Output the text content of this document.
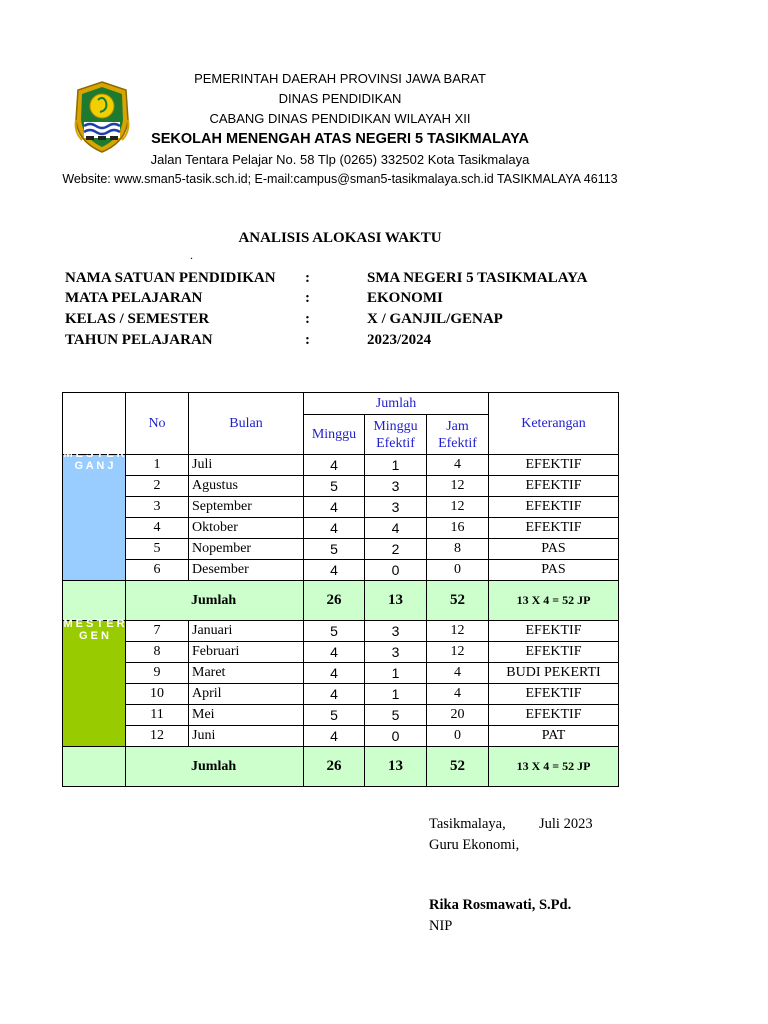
PEMERINTAH DAERAH PROVINSI JAWA BARAT
DINAS PENDIDIKAN
CABANG DINAS PENDIDIKAN WILAYAH XII
SEKOLAH MENENGAH ATAS NEGERI 5 TASIKMALAYA
Jalan Tentara Pelajar No. 58 Tlp (0265) 332502 Kota Tasikmalaya
Website: www.sman5-tasik.sch.id; E-mail:campus@sman5-tasikmalaya.sch.id TASIKMALAYA 46113
ANALISIS ALOKASI WAKTU
.
NAMA SATUAN PENDIDIKAN :	SMA NEGERI 5 TASIKMALAYA
MATA PELAJARAN	:	EKONOMI
KELAS / SEMESTER	:	X / GANJIL/GENAP
TAHUN PELAJARAN	:	2023/2024
	No	Bulan	Jumlah			Keterangan
			Minggu	Minggu Efektif	Jam Efektif	

M E S T E R G A N J	1	Juli	4	1	4	EFEKTIF
	2	Agustus	5	3	12	EFEKTIF
	3	September	4	3	12	EFEKTIF
	4	Oktober	4	4	16	EFEKTIF
	5	Nopember	5	2	8	PAS
	6	Desember	4	0	0	PAS
	Jumlah		26	13	52	13 X 4 = 52 JP

M E S T E R G E N	7	Januari	5	3	12	EFEKTIF
	8	Februari	4	3	12	EFEKTIF
	9	Maret	4	1	4	BUDI PEKERTI
	10	April	4	1	4	EFEKTIF
	11	Mei	5	5	20	EFEKTIF
	12	Juni	4	0	0	PAT
	Jumlah		26	13	52	13 X 4 = 52 JP
Tasikmalaya, Juli 2023
Guru Ekonomi,
Rika Rosmawati, S.Pd.
NIP
